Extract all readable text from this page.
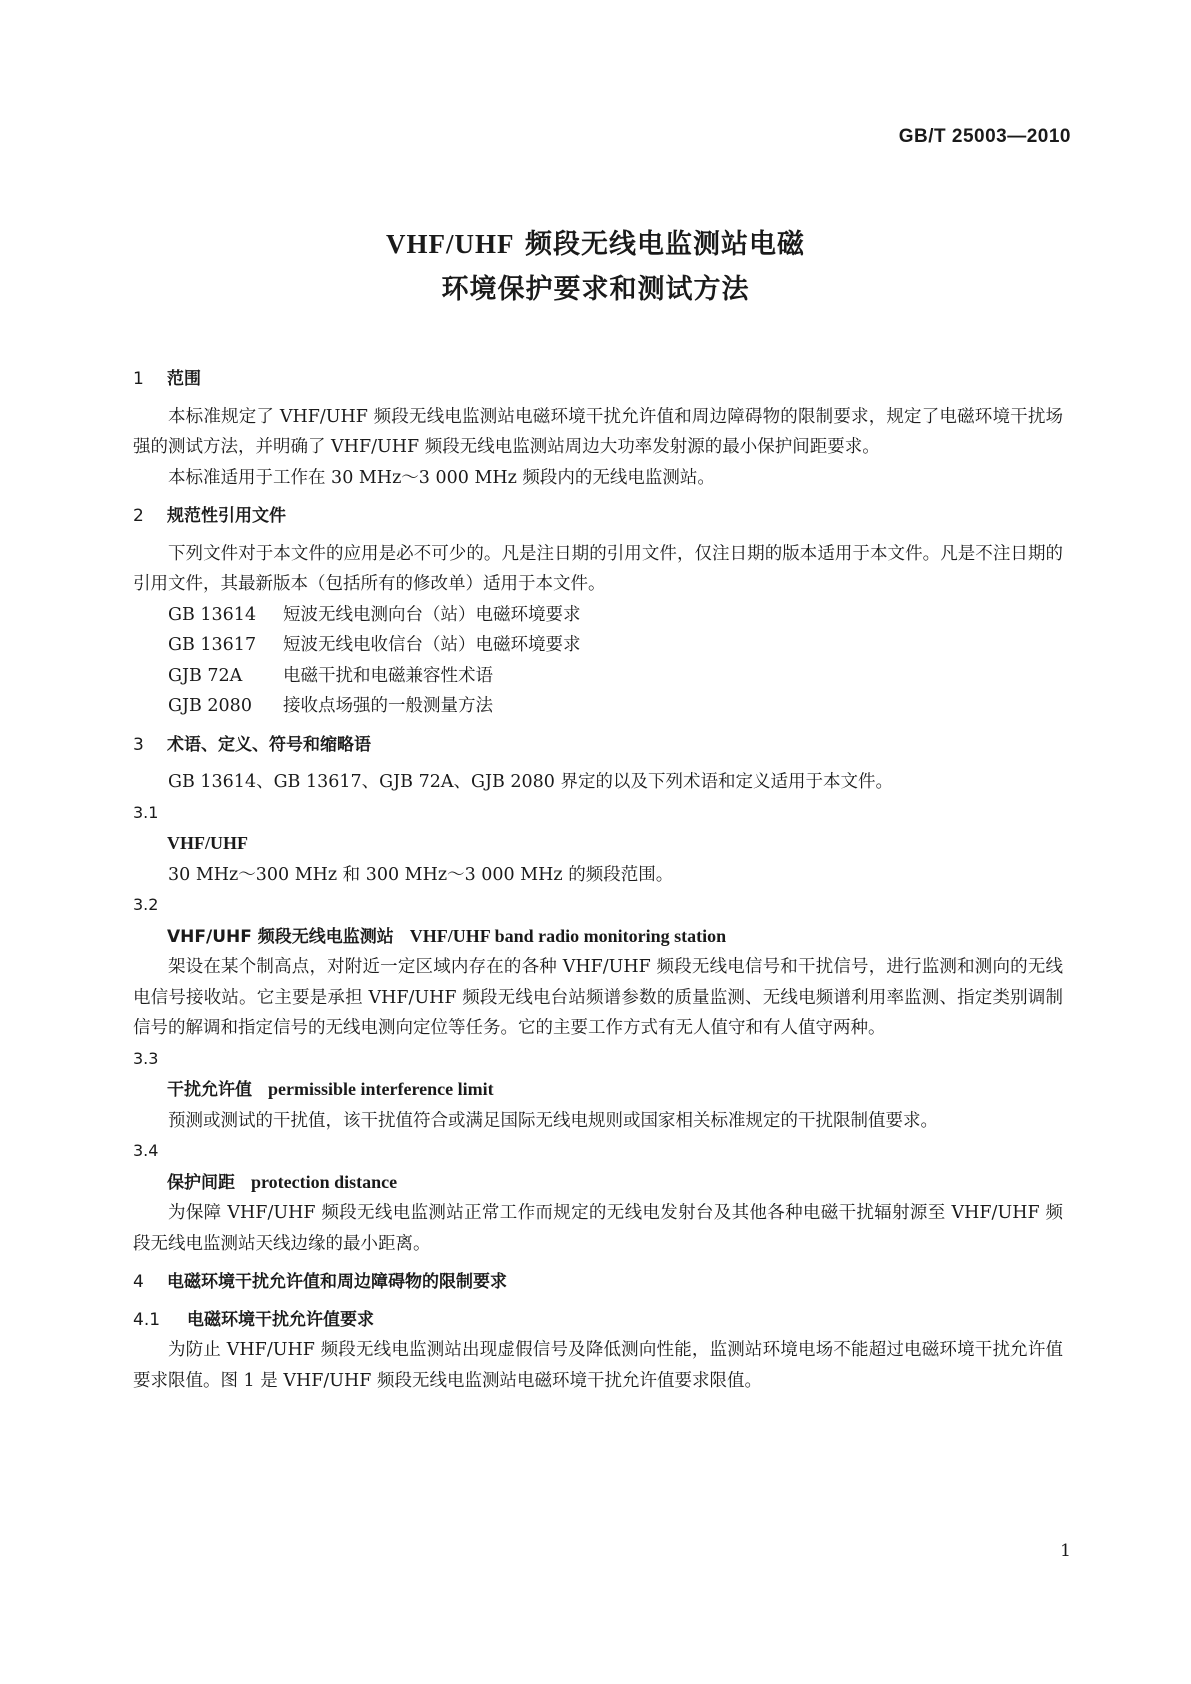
GB/T 25003—2010
VHF/UHF 频段无线电监测站电磁
环境保护要求和测试方法
1 范围

本标准规定了 VHF/UHF 频段无线电监测站电磁环境干扰允许值和周边障碍物的限制要求，规定了电磁环境干扰场强的测试方法，并明确了 VHF/UHF 频段无线电监测站周边大功率发射源的最小保护间距要求。

本标准适用于工作在 30 MHz～3 000 MHz 频段内的无线电监测站。

2 规范性引用文件

下列文件对于本文件的应用是必不可少的。凡是注日期的引用文件，仅注日期的版本适用于本文件。凡是不注日期的引用文件，其最新版本（包括所有的修改单）适用于本文件。

GB 13614 短波无线电测向台（站）电磁环境要求
GB 13617 短波无线电收信台（站）电磁环境要求
GJB 72A 电磁干扰和电磁兼容性术语
GJB 2080 接收点场强的一般测量方法
3 术语、定义、符号和缩略语

GB 13614、GB 13617、GJB 72A、GJB 2080 界定的以及下列术语和定义适用于本文件。

3.1
VHF/UHF

30 MHz～300 MHz 和 300 MHz～3 000 MHz 的频段范围。

3.2
VHF/UHF 频段无线电监测站 VHF/UHF band radio monitoring station

架设在某个制高点，对附近一定区域内存在的各种 VHF/UHF 频段无线电信号和干扰信号，进行监测和测向的无线电信号接收站。它主要是承担 VHF/UHF 频段无线电台站频谱参数的质量监测、无线电频谱利用率监测、指定类别调制信号的解调和指定信号的无线电测向定位等任务。它的主要工作方式有无人值守和有人值守两种。

3.3
干扰允许值 permissible interference limit

预测或测试的干扰值，该干扰值符合或满足国际无线电规则或国家相关标准规定的干扰限制值要求。

3.4
保护间距 protection distance

为保障 VHF/UHF 频段无线电监测站正常工作而规定的无线电发射台及其他各种电磁干扰辐射源至 VHF/UHF 频段无线电监测站天线边缘的最小距离。

4 电磁环境干扰允许值和周边障碍物的限制要求
4.1 电磁环境干扰允许值要求

为防止 VHF/UHF 频段无线电监测站出现虚假信号及降低测向性能，监测站环境电场不能超过电磁环境干扰允许值要求限值。图 1 是 VHF/UHF 频段无线电监测站电磁环境干扰允许值要求限值。

1
